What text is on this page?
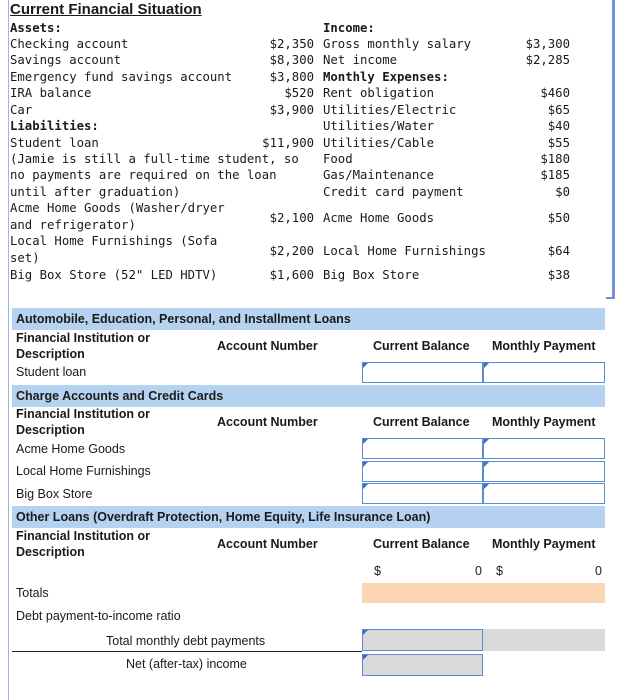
Current Financial Situation
Assets:
Checking account	$2,350
Savings account	$8,300
Emergency fund savings account	$3,800
IRA balance	$520
Car	$3,900
Liabilities:
Student loan	$11,900
(Jamie is still a full-time student, so
no payments are required on the loan
until after graduation)
Acme Home Goods (Washer/dryer
and refrigerator)	$2,100
Local Home Furnishings (Sofa
set)	$2,200
Big Box Store (52" LED HDTV)	$1,600
Income:
Gross monthly salary	$3,300
Net income	$2,285
Monthly Expenses:
Rent obligation	$460
Utilities/Electric	$65
Utilities/Water	$40
Utilities/Cable	$55
Food	$180
Gas/Maintenance	$185
Credit card payment	$0
Acme Home Goods	$50
Local Home Furnishings	$64
Big Box Store	$38
Automobile, Education, Personal, and Installment Loans
Financial Institution or
Description
Account Number	Current Balance Monthly Payment
Student loan
Charge Accounts and Credit Cards
Financial Institution or
Description
Account Number	Current Balance Monthly Payment
Acme Home Goods
Local Home Furnishings
Big Box Store
Other Loans (Overdraft Protection, Home Equity, Life Insurance Loan)
Financial Institution or
Description
Account Number	Current Balance Monthly Payment
$	0 $	0
Totals
Debt payment-to-income ratio
Total monthly debt payments
Net (after-tax) income
